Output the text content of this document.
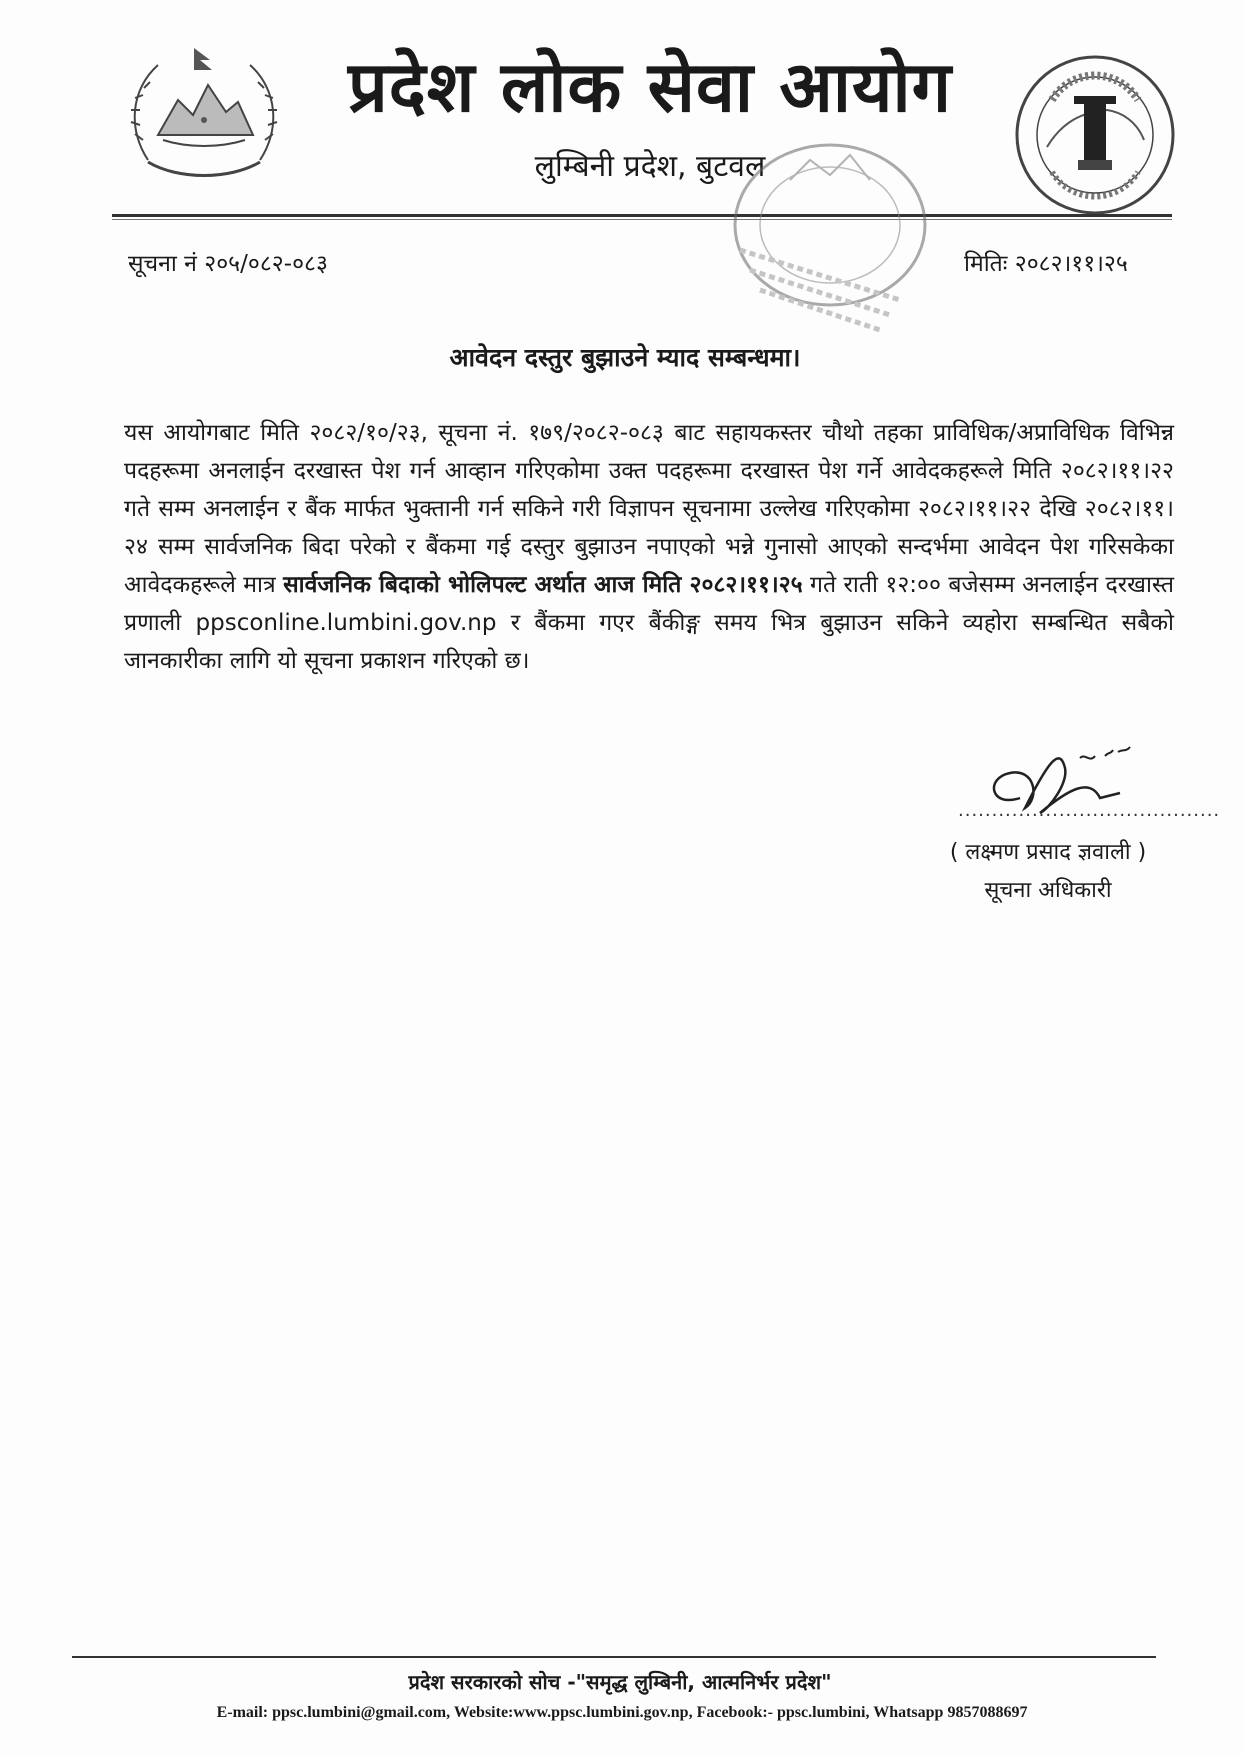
प्रदेश लोक सेवा आयोग
लुम्बिनी प्रदेश, बुटवल
सूचना नं २०५/०८२-०८३	मितिः २०८२।११।२५
आवेदन दस्तुर बुझाउने म्याद सम्बन्धमा।
यस आयोगबाट मिति २०८२/१०/२३, सूचना नं. १७९/२०८२-०८३ बाट सहायकस्तर चौथो तहका प्राविधिक/अप्राविधिक विभिन्न पदहरूमा अनलाईन दरखास्त पेश गर्न आव्हान गरिएकोमा उक्त पदहरूमा दरखास्त पेश गर्ने आवेदकहरूले मिति २०८२।११।२२ गते सम्म अनलाईन र बैंक मार्फत भुक्तानी गर्न सकिने गरी विज्ञापन सूचनामा उल्लेख गरिएकोमा २०८२।११।२२ देखि २०८२।११।२४ सम्म सार्वजनिक बिदा परेको र बैंकमा गई दस्तुर बुझाउन नपाएको भन्ने गुनासो आएको सन्दर्भमा आवेदन पेश गरिसकेका आवेदकहरूले मात्र सार्वजनिक बिदाको भोलिपल्ट अर्थात आज मिति २०८२।११।२५ गते राती १२:०० बजेसम्म अनलाईन दरखास्त प्रणाली ppsconline.lumbini.gov.np र बैंकमा गएर बैंकीङ्ग समय भित्र बुझाउन सकिने व्यहोरा सम्बन्धित सबैको जानकारीका लागि यो सूचना प्रकाशन गरिएको छ।
.......................................
( लक्ष्मण प्रसाद ज्ञवाली )
सूचना अधिकारी
प्रदेश सरकारको सोच -"समृद्ध लुम्बिनी, आत्मनिर्भर प्रदेश"
E-mail: ppsc.lumbini@gmail.com, Website:www.ppsc.lumbini.gov.np, Facebook:- ppsc.lumbini, Whatsapp 9857088697
